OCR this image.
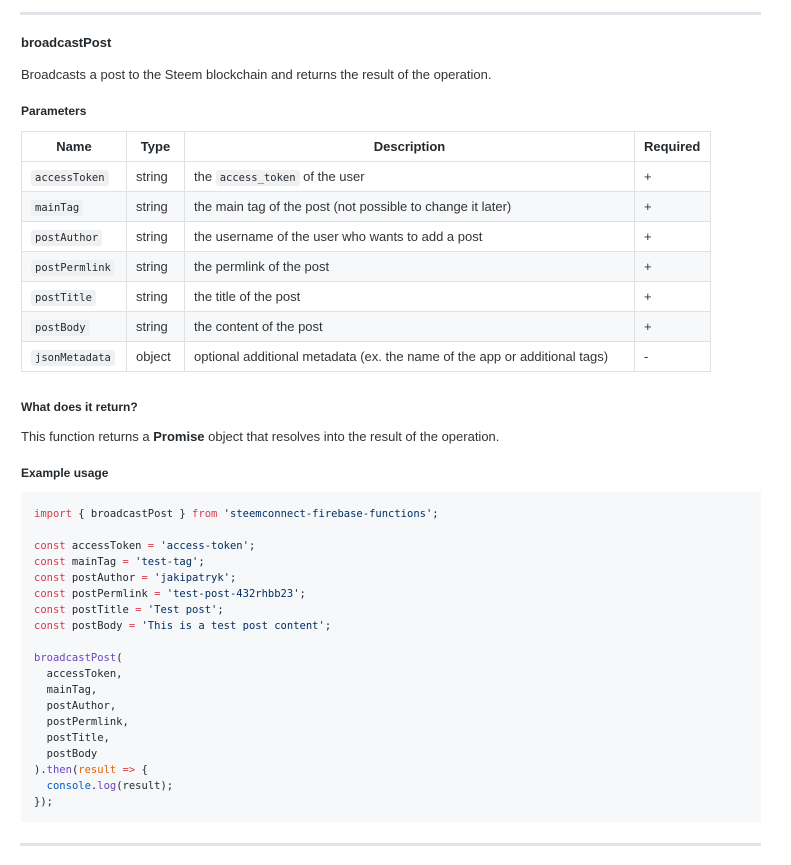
broadcastPost
Broadcasts a post to the Steem blockchain and returns the result of the operation.
Parameters
Name	Type	Description	Required
accessToken	string	the access_token of the user	+
mainTag	string	the main tag of the post (not possible to change it later)	+
postAuthor	string	the username of the user who wants to add a post	+
postPermlink	string	the permlink of the post	+
postTitle	string	the title of the post	+
postBody	string	the content of the post	+
jsonMetadata	object	optional additional metadata (ex. the name of the app or additional tags)	-
What does it return?
This function returns a Promise object that resolves into the result of the operation.
Example usage
import { broadcastPost } from 'steemconnect-firebase-functions';

const accessToken = 'access-token';
const mainTag = 'test-tag';
const postAuthor = 'jakipatryk';
const postPermlink = 'test-post-432rhbb23';
const postTitle = 'Test post';
const postBody = 'This is a test post content';

broadcastPost(
accessToken,
mainTag,
postAuthor,
postPermlink,
postTitle,
postBody
).then(result => {
console.log(result);
});
